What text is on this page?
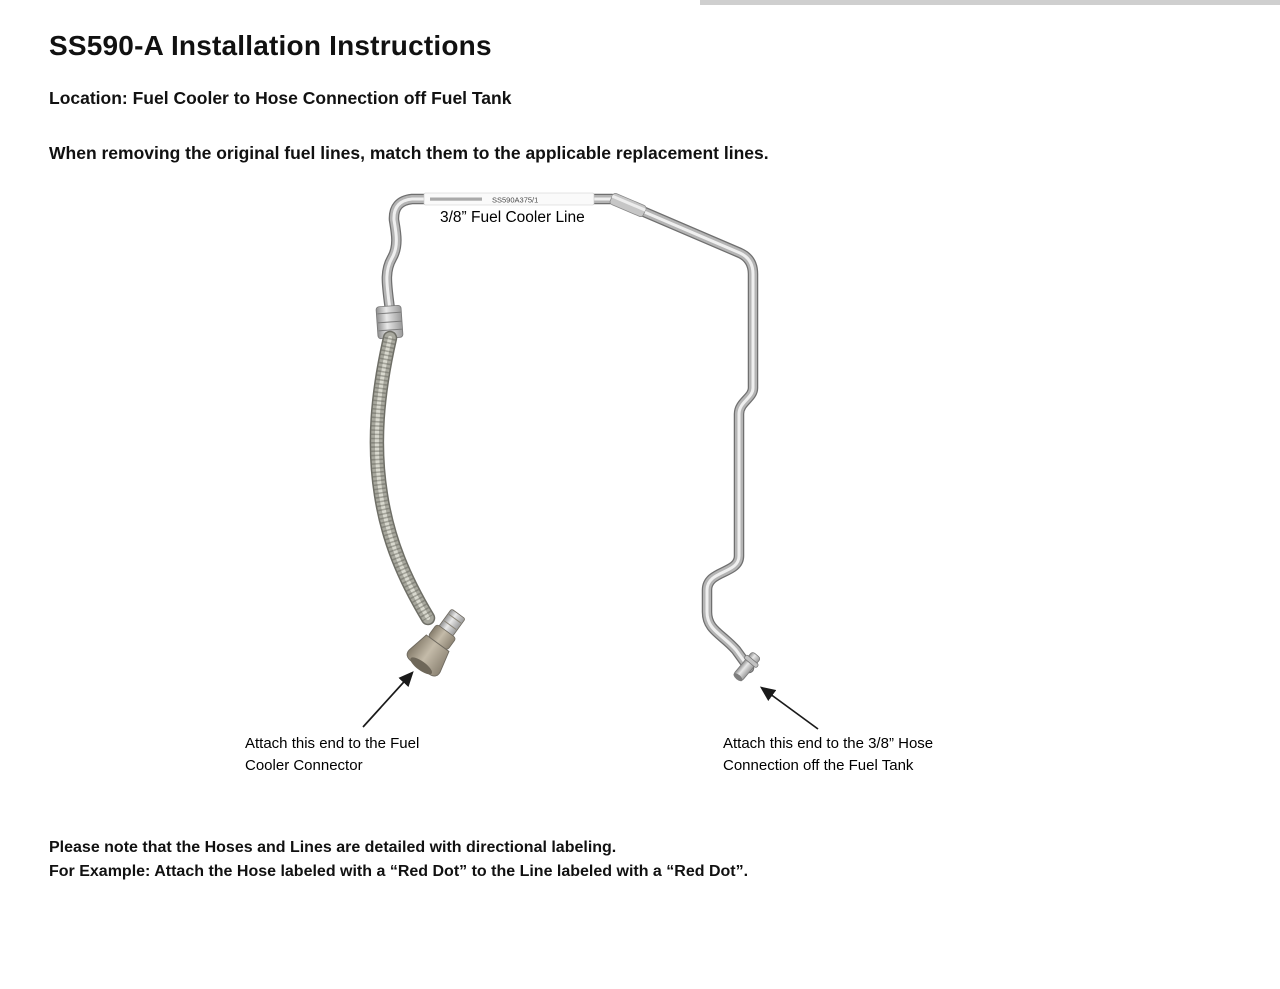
SS590-A Installation Instructions
Location: Fuel Cooler to Hose Connection off Fuel Tank
When removing the original fuel lines, match them to the applicable replacement lines.
SS590A375/1
3/8” Fuel Cooler Line
Attach this end to the Fuel
Cooler Connector
Attach this end to the 3/8” Hose
Connection off the Fuel Tank
Please note that the Hoses and Lines are detailed with directional labeling.
For Example: Attach the Hose labeled with a “Red Dot” to the Line labeled with a “Red Dot”.
